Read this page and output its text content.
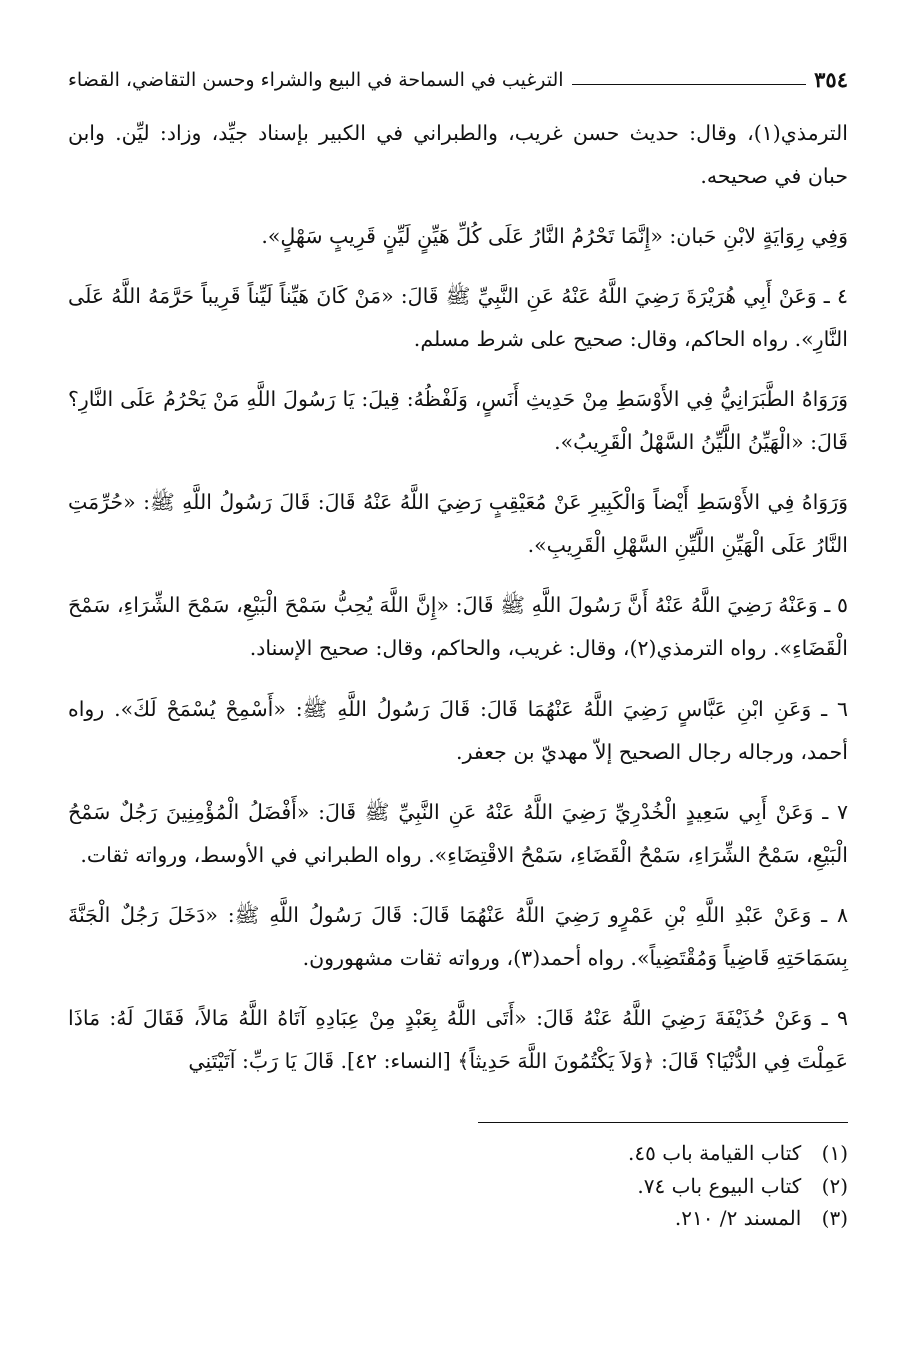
٣٥٤
الترغيب في السماحة في البيع والشراء وحسن التقاضي، القضاء

الترمذي(١)، وقال: حديث حسن غريب، والطبراني في الكبير بإسناد جيِّد، وزاد: ليِّن. وابن حبان في صحيحه.

وَفِي رِوَايَةٍ لابْنِ حَبان: «إِنَّمَا تَحْرُمُ النَّارُ عَلَى كُلِّ هَيِّنٍ لَيِّنٍ قَرِيبٍ سَهْلٍ».

٤ ـ وَعَنْ أَبِي هُرَيْرَةَ رَضِيَ اللَّهُ عَنْهُ عَنِ النَّبِيِّ ﷺ قَالَ: «مَنْ كَانَ هَيِّناً لَيِّناً قَرِيباً حَرَّمَهُ اللَّهُ عَلَى النَّارِ». رواه الحاكم، وقال: صحيح على شرط مسلم.

وَرَوَاهُ الطَّبَرَانِيُّ فِي الأَوْسَطِ مِنْ حَدِيثِ أَنَسٍ، وَلَفْظُهُ: قِيلَ: يَا رَسُولَ اللَّهِ مَنْ يَحْرُمُ عَلَى النَّارِ؟ قَالَ: «الْهَيِّنُ اللَّيِّنُ السَّهْلُ الْقَرِيبُ».

وَرَوَاهُ فِي الأَوْسَطِ أَيْضاً وَالْكَبِيرِ عَنْ مُعَيْقِبٍ رَضِيَ اللَّهُ عَنْهُ قَالَ: قَالَ رَسُولُ اللَّهِ ﷺ: «حُرِّمَتِ النَّارُ عَلَى الْهَيِّنِ اللَّيِّنِ السَّهْلِ الْقَرِيبِ».

٥ ـ وَعَنْهُ رَضِيَ اللَّهُ عَنْهُ أَنَّ رَسُولَ اللَّهِ ﷺ قَالَ: «إِنَّ اللَّهَ يُحِبُّ سَمْحَ الْبَيْعِ، سَمْحَ الشِّرَاءِ، سَمْحَ الْقَضَاءِ». رواه الترمذي(٢)، وقال: غريب، والحاكم، وقال: صحيح الإسناد.

٦ ـ وَعَنِ ابْنِ عَبَّاسٍ رَضِيَ اللَّهُ عَنْهُمَا قَالَ: قَالَ رَسُولُ اللَّهِ ﷺ: «أَسْمِحْ يُسْمَحْ لَكَ». رواه أحمد، ورجاله رجال الصحيح إلاّ مهديّ بن جعفر.

٧ ـ وَعَنْ أَبِي سَعِيدٍ الْخُدْرِيِّ رَضِيَ اللَّهُ عَنْهُ عَنِ النَّبِيِّ ﷺ قَالَ: «أَفْضَلُ الْمُؤْمِنِينَ رَجُلٌ سَمْحُ الْبَيْعِ، سَمْحُ الشِّرَاءِ، سَمْحُ الْقَضَاءِ، سَمْحُ الاقْتِضَاءِ». رواه الطبراني في الأوسط، ورواته ثقات.

٨ ـ وَعَنْ عَبْدِ اللَّهِ بْنِ عَمْرٍو رَضِيَ اللَّهُ عَنْهُمَا قَالَ: قَالَ رَسُولُ اللَّهِ ﷺ: «دَخَلَ رَجُلٌ الْجَنَّةَ بِسَمَاحَتِهِ قَاضِياً وَمُقْتَضِياً». رواه أحمد(٣)، ورواته ثقات مشهورون.

٩ ـ وَعَنْ حُذَيْفَةَ رَضِيَ اللَّهُ عَنْهُ قَالَ: «أَتَى اللَّهُ بِعَبْدٍ مِنْ عِبَادِهِ آتَاهُ اللَّهُ مَالاً، فَقَالَ لَهُ: مَاذَا عَمِلْتَ فِي الدُّنْيَا؟ قَالَ: ﴿وَلاَ يَكْتُمُونَ اللَّهَ حَدِيثاً﴾ [النساء: ٤٢]. قَالَ يَا رَبِّ: آتَيْتَنِي

(١) كتاب القيامة باب ٤٥.
(٢) كتاب البيوع باب ٧٤.
(٣) المسند ٢/ ٢١٠.
